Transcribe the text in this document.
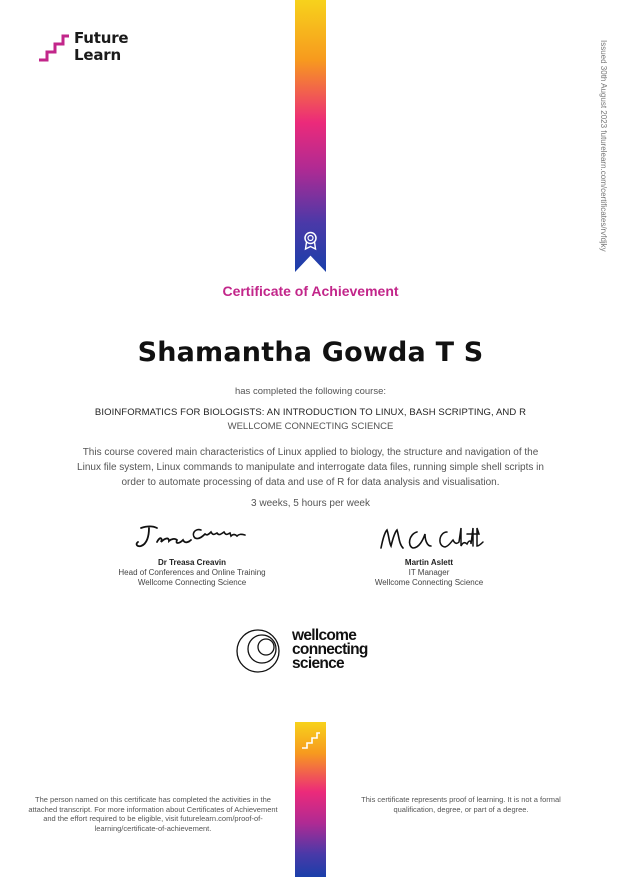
Future
Learn	Issued 30th August 2023 futurelearn.com/certificates/rvfdjky
Certificate of Achievement
Shamantha Gowda T S
has completed the following course:
BIOINFORMATICS FOR BIOLOGISTS: AN INTRODUCTION TO LINUX, BASH SCRIPTING, AND R
WELLCOME CONNECTING SCIENCE
This course covered main characteristics of Linux applied to biology, the structure and navigation of the Linux file system, Linux commands to manipulate and interrogate data files, running simple shell scripts in order to automate processing of data and use of R for data analysis and visualisation.
3 weeks, 5 hours per week
Dr Treasa Creavin
Head of Conferences and Online Training
Wellcome Connecting Science
Martin Aslett
IT Manager
Wellcome Connecting Science
wellcome
connecting
science
The person named on this certificate has completed the activities in the attached transcript. For more information about Certificates of Achievement and the effort required to be eligible, visit futurelearn.com/proof-of-learning/certificate-of-achievement.
This certificate represents proof of learning. It is not a formal qualification, degree, or part of a degree.
